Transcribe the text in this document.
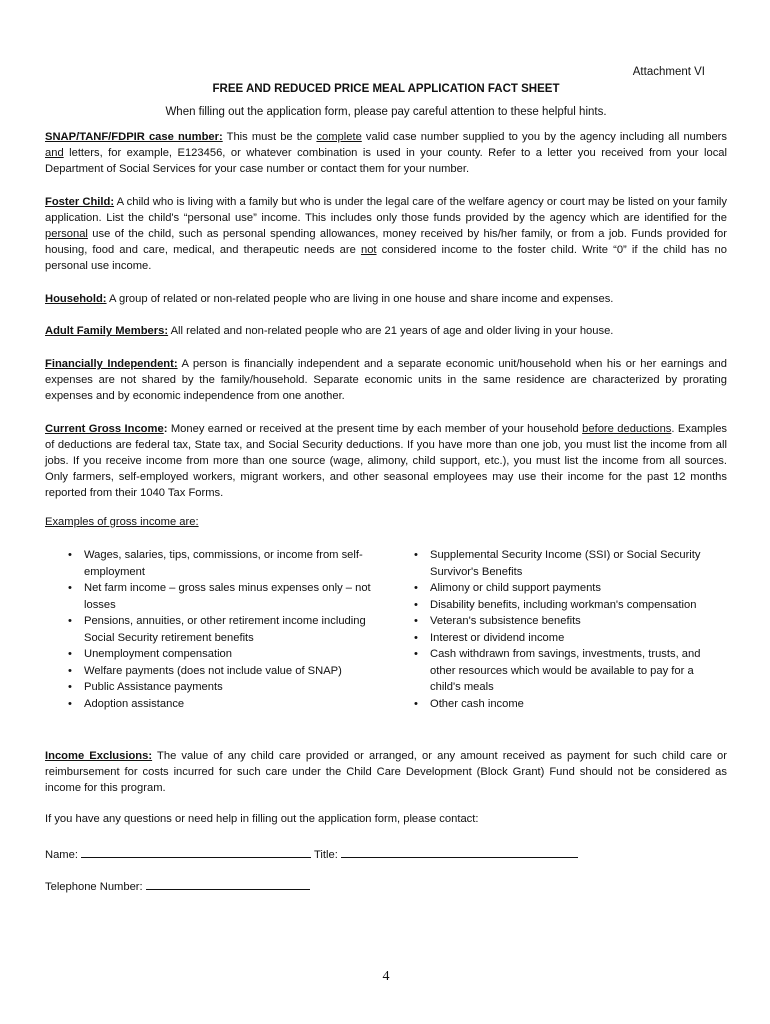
Attachment VI
FREE AND REDUCED PRICE MEAL APPLICATION FACT SHEET
When filling out the application form, please pay careful attention to these helpful hints.
SNAP/TANF/FDPIR case number: This must be the complete valid case number supplied to you by the agency including all numbers and letters, for example, E123456, or whatever combination is used in your county. Refer to a letter you received from your local Department of Social Services for your case number or contact them for your number.
Foster Child: A child who is living with a family but who is under the legal care of the welfare agency or court may be listed on your family application. List the child's “personal use” income. This includes only those funds provided by the agency which are identified for the personal use of the child, such as personal spending allowances, money received by his/her family, or from a job. Funds provided for housing, food and care, medical, and therapeutic needs are not considered income to the foster child. Write “0” if the child has no personal use income.
Household: A group of related or non-related people who are living in one house and share income and expenses.
Adult Family Members: All related and non-related people who are 21 years of age and older living in your house.
Financially Independent: A person is financially independent and a separate economic unit/household when his or her earnings and expenses are not shared by the family/household. Separate economic units in the same residence are characterized by prorating expenses and by economic independence from one another.
Current Gross Income: Money earned or received at the present time by each member of your household before deductions. Examples of deductions are federal tax, State tax, and Social Security deductions. If you have more than one job, you must list the income from all jobs. If you receive income from more than one source (wage, alimony, child support, etc.), you must list the income from all sources. Only farmers, self-employed workers, migrant workers, and other seasonal employees may use their income for the past 12 months reported from their 1040 Tax Forms.
Examples of gross income are:
• Wages, salaries, tips, commissions, or income from self-employment
• Net farm income – gross sales minus expenses only – not losses
• Pensions, annuities, or other retirement income including Social Security retirement benefits
• Unemployment compensation
• Welfare payments (does not include value of SNAP)
• Public Assistance payments
• Adoption assistance
• Supplemental Security Income (SSI) or Social Security Survivor's Benefits
• Alimony or child support payments
• Disability benefits, including workman's compensation
• Veteran's subsistence benefits
• Interest or dividend income
• Cash withdrawn from savings, investments, trusts, and other resources which would be available to pay for a child's meals
• Other cash income
Income Exclusions: The value of any child care provided or arranged, or any amount received as payment for such child care or reimbursement for costs incurred for such care under the Child Care Development (Block Grant) Fund should not be considered as income for this program.
If you have any questions or need help in filling out the application form, please contact:
Name:	Title:
Telephone Number:
4
